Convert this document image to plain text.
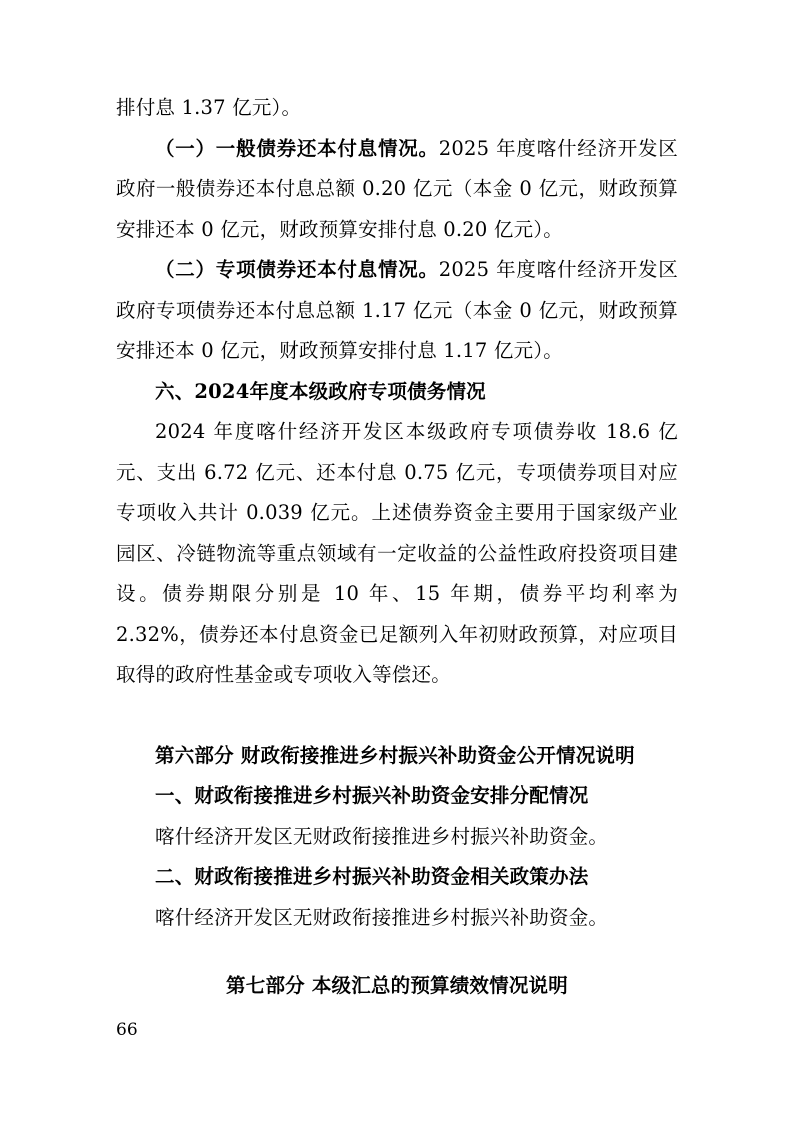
排付息 1.37 亿元）。

（一）一般债券还本付息情况。2025 年度喀什经济开发区政府一般债券还本付息总额 0.20 亿元（本金 0 亿元，财政预算安排还本 0 亿元，财政预算安排付息 0.20 亿元）。

（二）专项债券还本付息情况。2025 年度喀什经济开发区政府专项债券还本付息总额 1.17 亿元（本金 0 亿元，财政预算安排还本 0 亿元，财政预算安排付息 1.17 亿元）。

六、2024年度本级政府专项债务情况

2024 年度喀什经济开发区本级政府专项债券收 18.6 亿元、支出 6.72 亿元、还本付息 0.75 亿元，专项债券项目对应专项收入共计 0.039 亿元。上述债券资金主要用于国家级产业园区、冷链物流等重点领域有一定收益的公益性政府投资项目建设。债券期限分别是 10 年、15 年期，债券平均利率为 2.32%，债券还本付息资金已足额列入年初财政预算，对应项目取得的政府性基金或专项收入等偿还。

第六部分 财政衔接推进乡村振兴补助资金公开情况说明

一、财政衔接推进乡村振兴补助资金安排分配情况

喀什经济开发区无财政衔接推进乡村振兴补助资金。

二、财政衔接推进乡村振兴补助资金相关政策办法

喀什经济开发区无财政衔接推进乡村振兴补助资金。

第七部分 本级汇总的预算绩效情况说明

66
